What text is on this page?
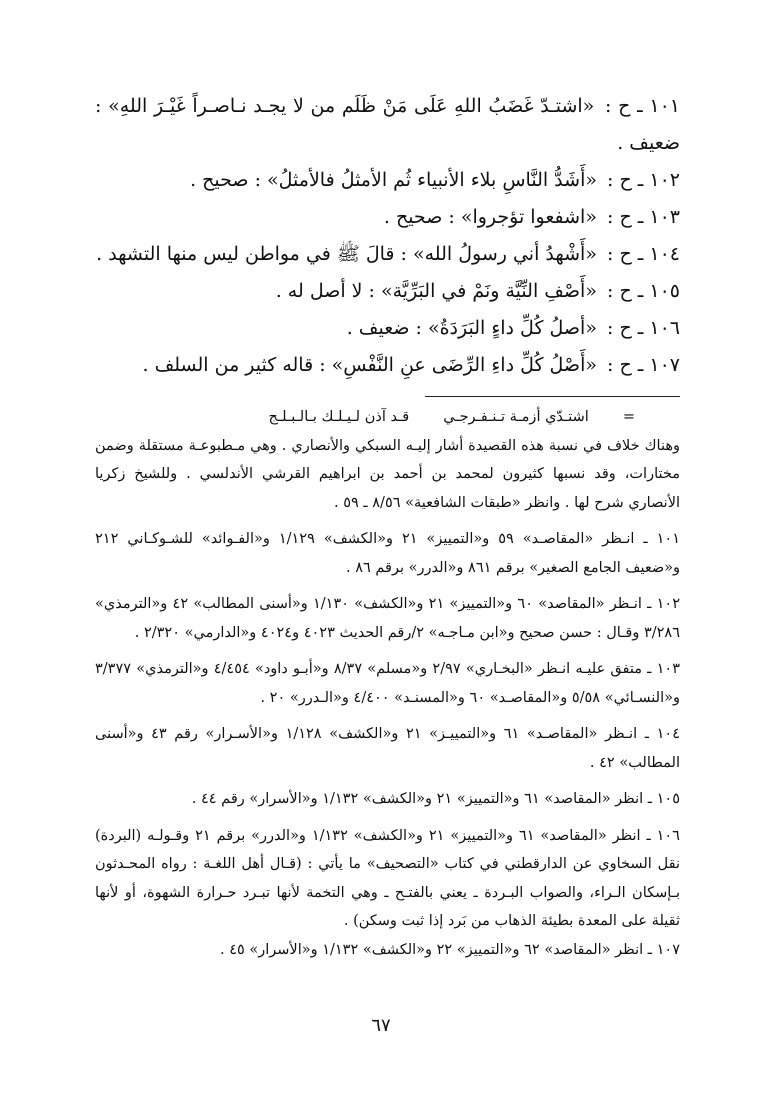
١٠١ ـ ح : «اشتـدّ غَضَبُ اللهِ عَلَى مَنْ ظَلَم من لا يجـد نـاصـراً غَيْـرَ اللهِ» : ضعيف .

١٠٢ ـ ح : «أَشَدُّ النَّاسِ بلاء الأنبياء ثُم الأمثلُ فالأمثلُ» : صحيح .

١٠٣ ـ ح : «اشفعوا تؤجروا» : صحيح .

١٠٤ ـ ح : «أَشْهدُ أني رسولُ الله» : قالَ ﷺ في مواطن ليس منها التشهد .

١٠٥ ـ ح : «أَصْفِ النِّيَّة ونَمْ في البَرِّيَّة» : لا أصل له .

١٠٦ ـ ح : «أصلُ كُلِّ داءٍ البَرَدَةُ» : ضعيف .

١٠٧ ـ ح : «أَصْلُ كُلِّ داءِ الرِّضَى عنِ النَّفْسِ» : قاله كثير من السلف .

=
اشتـدّي أزمـة تـنـفـرجـي
قـد آذن لـيـلـك بـالـبـلـج

وهناك خلاف في نسبة هذه القصيدة أشار إليـه السبكي والأنصاري . وهي مـطبوعـة مستقلة وضمن مختارات، وقد نسبها كثيرون لمحمد بن أحمد بن ابراهيم القرشي الأندلسي . وللشيخ زكريا الأنصاري شرح لها . وانظر «طبقات الشافعية» ٨/٥٦ ـ ٥٩ .

١٠١ ـ انـظر «المقاصـد» ٥٩ و«التمييز» ٢١ و«الكشف» ١/١٢٩ و«الفـوائد» للشـوكـاني ٢١٢ و«ضعيف الجامع الصغير» برقم ٨٦١ و«الدرر» برقم ٨٦ .

١٠٢ ـ انـظر «المقاصد» ٦٠ و«التمييز» ٢١ و«الكشف» ١/١٣٠ و«أسنى المطالب» ٤٢ و«الترمذي» ٣/٢٨٦ وقـال : حسن صحيح و«ابن مـاجـه» ٢/رقم الحديث ٤٠٢٣ و٤٠٢٤ و«الدارمي» ٢/٣٢٠ .

١٠٣ ـ متفق عليـه انـظر «البخـاري» ٢/٩٧ و«مسلم» ٨/٣٧ و«أبـو داود» ٤/٤٥٤ و«الترمذي» ٣/٣٧٧ و«النسـائي» ٥/٥٨ و«المقاصـد» ٦٠ و«المسنـد» ٤/٤٠٠ و«الـدرر» ٢٠ .

١٠٤ ـ انـظر «المقاصـد» ٦١ و«التمييـز» ٢١ و«الكشف» ١/١٢٨ و«الأسـرار» رقم ٤٣ و«أسنى المطالب» ٤٢ .

١٠٥ ـ انظر «المقاصد» ٦١ و«التمييز» ٢١ و«الكشف» ١/١٣٢ و«الأسرار» رقم ٤٤ .

١٠٦ ـ انظر «المقاصد» ٦١ و«التمييز» ٢١ و«الكشف» ١/١٣٢ و«الدرر» برقم ٢١ وقـولـه (البردة) نقل السخاوي عن الدارقطني في كتاب «التصحيف» ما يأتي : (قـال أهل اللغـة : رواه المحـدثون بـإسكان الـراء، والصواب البـردة ـ يعني بالفتـح ـ وهي التخمة لأنها تبـرد حـرارة الشهوة، أو لأنها ثقيلة على المعدة بطيئة الذهاب من بَرد إذا ثبت وسكن) .

١٠٧ ـ انظر «المقاصد» ٦٢ و«التمييز» ٢٢ و«الكشف» ١/١٣٢ و«الأسرار» ٤٥ .

٦٧
